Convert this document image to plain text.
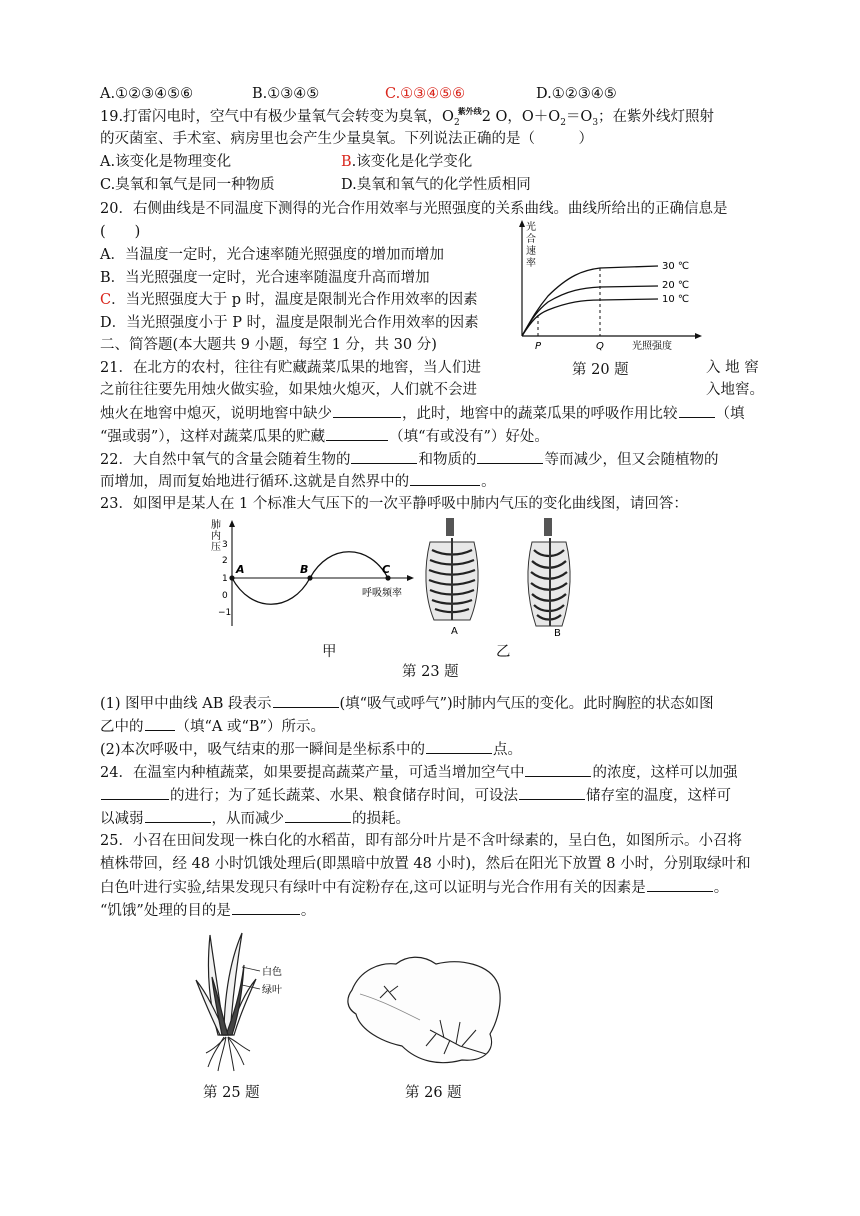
A.①②③④⑤⑥	B.①③④⑤	C.①③④⑤⑥	D.①②③④⑤
19.打雷闪电时，空气中有极少量氧气会转变为臭氧，$O_2^{紫外线}2$ O，$O+O_2=O_3$；在紫外线灯照射
的灭菌室、手术室、病房里也会产生少量臭氧。下列说法正确的是（　　　）
A.该变化是物理变化	B.该变化是化学变化
C.臭氧和氧气是同一种物质	D.臭氧和氧气的化学性质相同
20．右侧曲线是不同温度下测得的光合作用效率与光照强度的关系曲线。曲线所给出的正确信息是
(　　)
A．当温度一定时，光合速率随光照强度的增加而增加
B．当光照强度一定时，光合速率随温度升高而增加
C．当光照强度大于 p 时，温度是限制光合作用效率的因素
D．当光照强度小于 P 时，温度是限制光合作用效率的因素
光
合
速
率	30 ℃
20 ℃
10 ℃
P	Q	光照强度
第 20 题
二、简答题(本大题共 9 小题，每空 1 分，共 30 分)
21．在北方的农村，往往有贮藏蔬菜瓜果的地窖，当人们进	入 地 窖
之前往往要先用烛火做实验，如果烛火熄灭，人们就不会进	入地窖。
烛火在地窖中熄灭，说明地窖中缺少	，此时，地窖中的蔬菜瓜果的呼吸作用比较	（填
“强或弱”），这样对蔬菜瓜果的贮藏	（填“有或没有”）好处。
22．大自然中氧气的含量会随着生物的	和物质的	等而减少，但又会随植物的
而增加，周而复始地进行循环.这就是自然界中的	。
23．如图甲是某人在 1 个标准大气压下的一次平静呼吸中肺内气压的变化曲线图，请回答：
肺
内
压 3
2
1
0
−1
A	B	C
呼吸频率
A	B
甲	乙
第 23 题
(1) 图甲中曲线 AB 段表示	(填“吸气或呼气”)时肺内气压的变化。此时胸腔的状态如图
乙中的 （填“A 或“B”）所示。
(2)本次呼吸中，吸气结束的那一瞬间是坐标系中的	点。
24．在温室内种植蔬菜，如果要提高蔬菜产量，可适当增加空气中	的浓度，这样可以加强
的进行；为了延长蔬菜、水果、粮食储存时间，可设法	储存室的温度，这样可
以减弱	，从而减少	的损耗。
25．小召在田间发现一株白化的水稻苗，即有部分叶片是不含叶绿素的，呈白色，如图所示。小召将
植株带回，经 48 小时饥饿处理后(即黑暗中放置 48 小时)，然后在阳光下放置 8 小时，分别取绿叶和
白色叶进行实验,结果发现只有绿叶中有淀粉存在,这可以证明与光合作用有关的因素是	。
“饥饿”处理的目的是	。
白色
绿叶
第 25 题	第 26 题
